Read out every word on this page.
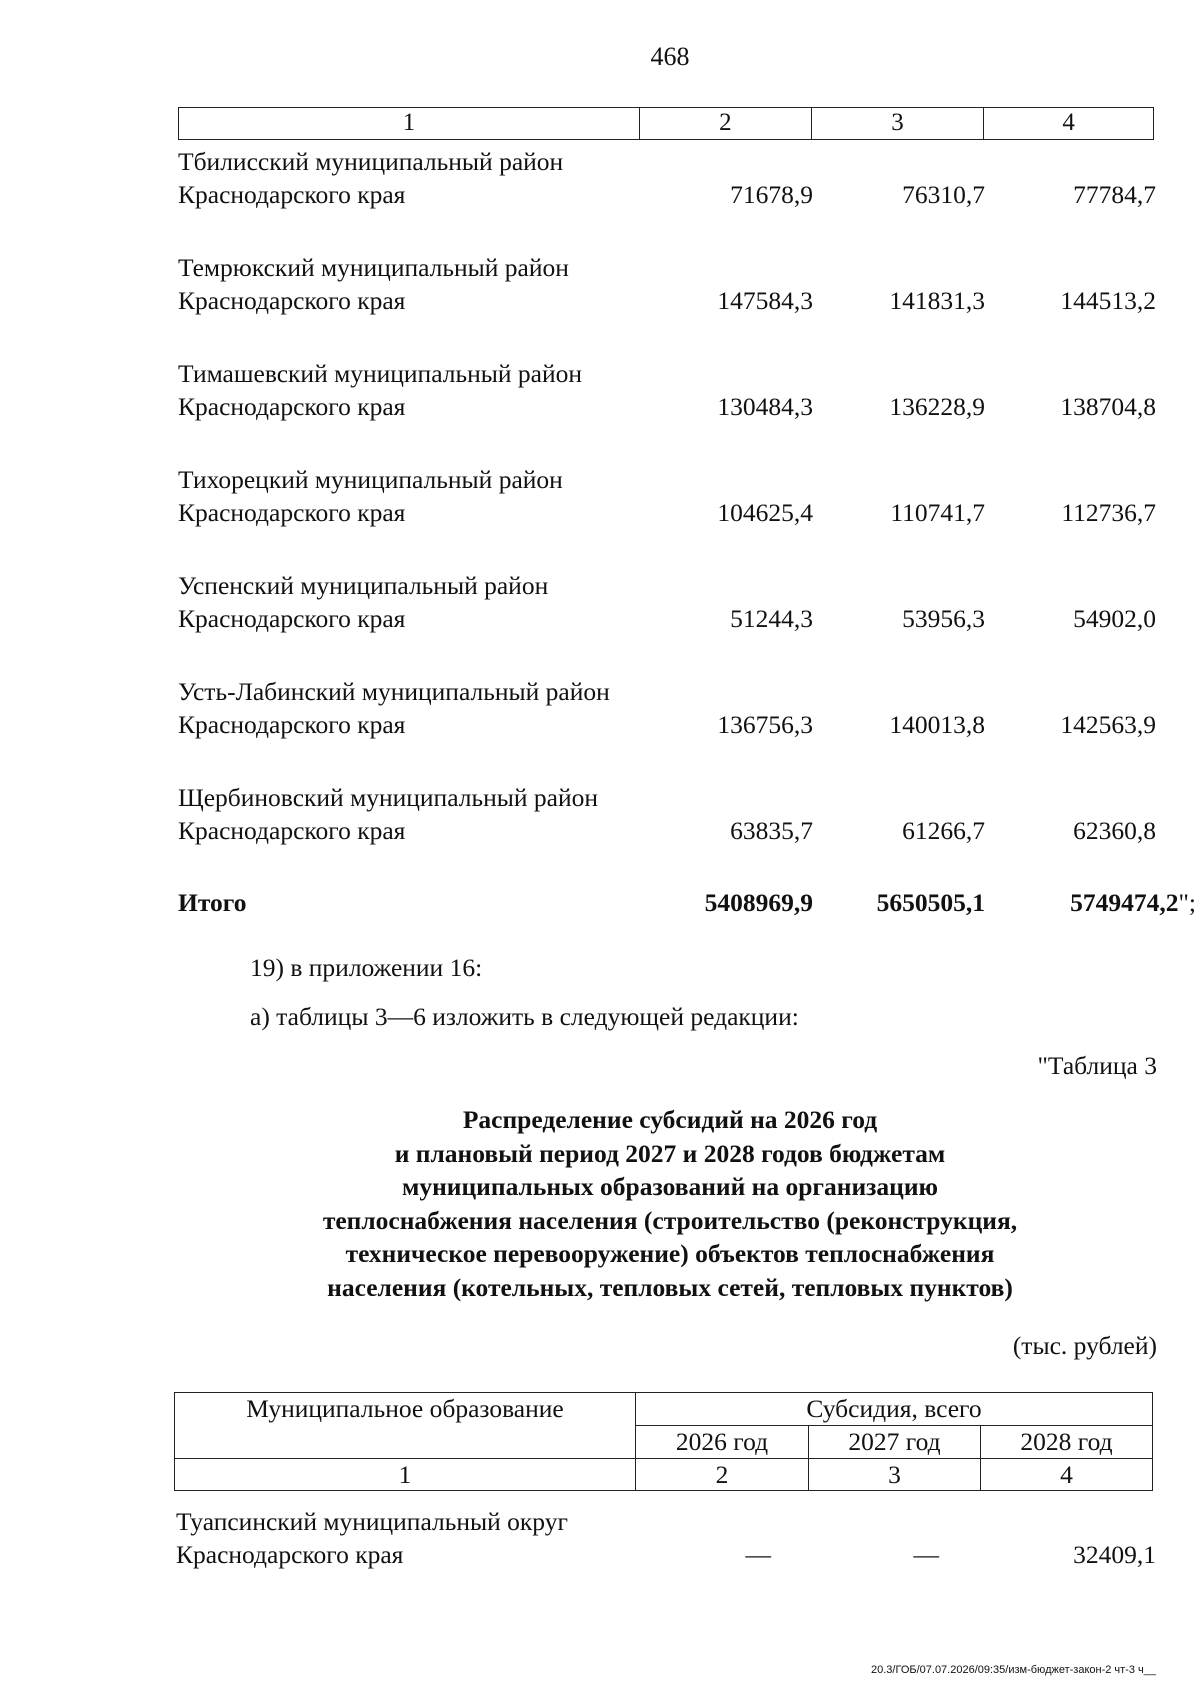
468
1	2	3	4
Тбилисский муниципальный район Краснодарского края	71678,9	76310,7	77784,7
Темрюкский муниципальный район Краснодарского края	147584,3	141831,3	144513,2
Тимашевский муниципальный район Краснодарского края	130484,3	136228,9	138704,8
Тихорецкий муниципальный район Краснодарского края	104625,4	110741,7	112736,7
Успенский муниципальный район Краснодарского края	51244,3	53956,3	54902,0
Усть-Лабинский муниципальный район Краснодарского края	136756,3	140013,8	142563,9
Щербиновский муниципальный район Краснодарского края	63835,7	61266,7	62360,8
Итого	5408969,9	5650505,1	5749474,2";
19) в приложении 16:
а) таблицы 3—6 изложить в следующей редакции:
"Таблица 3
Распределение субсидий на 2026 год
и плановый период 2027 и 2028 годов бюджетам
муниципальных образований на организацию
теплоснабжения населения (строительство (реконструкция,
техническое перевооружение) объектов теплоснабжения
населения (котельных, тепловых сетей, тепловых пунктов)
(тыс. рублей)
Муниципальное образование	Субсидия, всего		
	2026 год	2027 год	2028 год
1	2	3	4
Туапсинский муниципальный округ Краснодарского края	—	—	32409,1
20.3/ГОБ/07.07.2026/09:35/изм-бюджет-закон-2 чт-3 ч__
